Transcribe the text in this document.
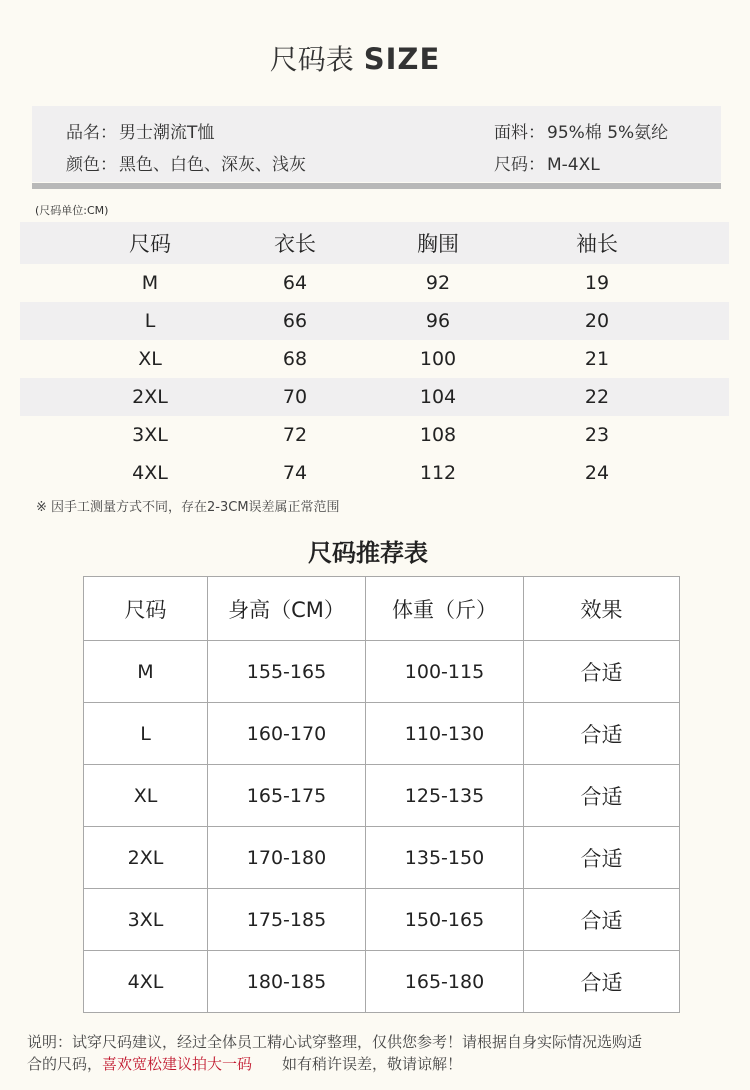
尺码表 SIZE
品名： 男士潮流T恤
颜色： 黑色、白色、深灰、浅灰
面料： 95%棉 5%氨纶
尺码： M-4XL
(尺码单位:CM)
尺码	衣长	胸围	袖长
M	64	92	19
L	66	96	20
XL	68	100	21
2XL	70	104	22
3XL	72	108	23
4XL	74	112	24
※ 因手工测量方式不同，存在2-3CM误差属正常范围
尺码推荐表
尺码	身高（CM）	体重（斤）	效果
M	155-165	100-115	合适
L	160-170	110-130	合适
XL	165-175	125-135	合适
2XL	170-180	135-150	合适
3XL	175-185	150-165	合适
4XL	180-185	165-180	合适
说明：试穿尺码建议，经过全体员工精心试穿整理，仅供您参考！请根据自身实际情况选购适
合的尺码，喜欢宽松建议拍大一码 如有稍许误差，敬请谅解！
